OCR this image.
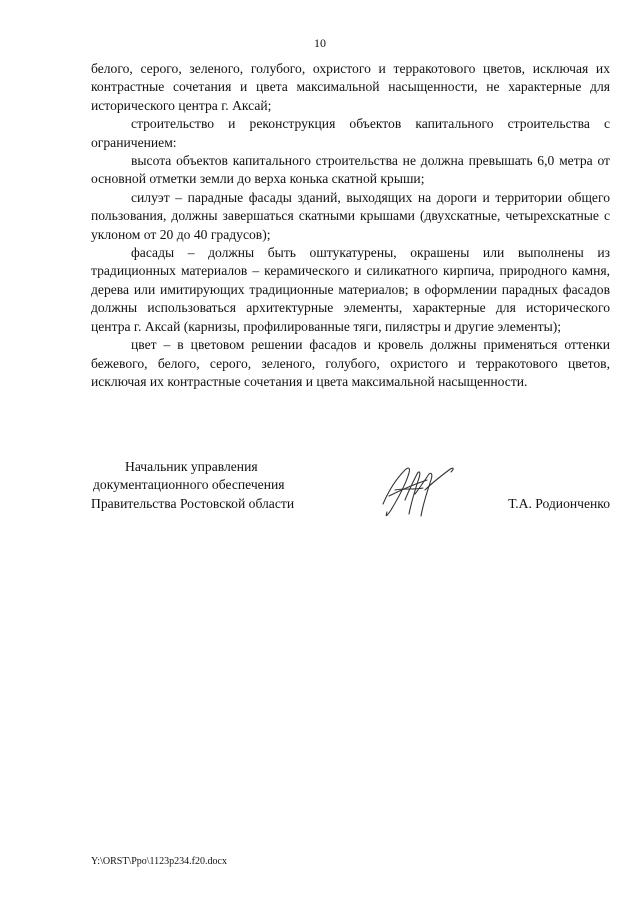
10

белого, серого, зеленого, голубого, охристого и терракотового цветов, исключая их контрастные сочетания и цвета максимальной насыщенности, не характерные для исторического центра г. Аксай;

строительство и реконструкция объектов капитального строительства с ограничением:

высота объектов капитального строительства не должна превышать 6,0 метра от основной отметки земли до верха конька скатной крыши;

силуэт – парадные фасады зданий, выходящих на дороги и территории общего пользования, должны завершаться скатными крышами (двухскатные, четырехскатные с уклоном от 20 до 40 градусов);

фасады – должны быть оштукатурены, окрашены или выполнены из традиционных материалов – керамического и силикатного кирпича, природного камня, дерева или имитирующих традиционные материалов; в оформлении парадных фасадов должны использоваться архитектурные элементы, характерные для исторического центра г. Аксай (карнизы, профилированные тяги, пилястры и другие элементы);

цвет – в цветовом решении фасадов и кровель должны применяться оттенки бежевого, белого, серого, зеленого, голубого, охристого и терракотового цветов, исключая их контрастные сочетания и цвета максимальной насыщенности.

Начальник управления
документационного обеспечения
Правительства Ростовской области	Т.А. Родионченко
Y:\ORST\Ppo\1123p234.f20.docx
